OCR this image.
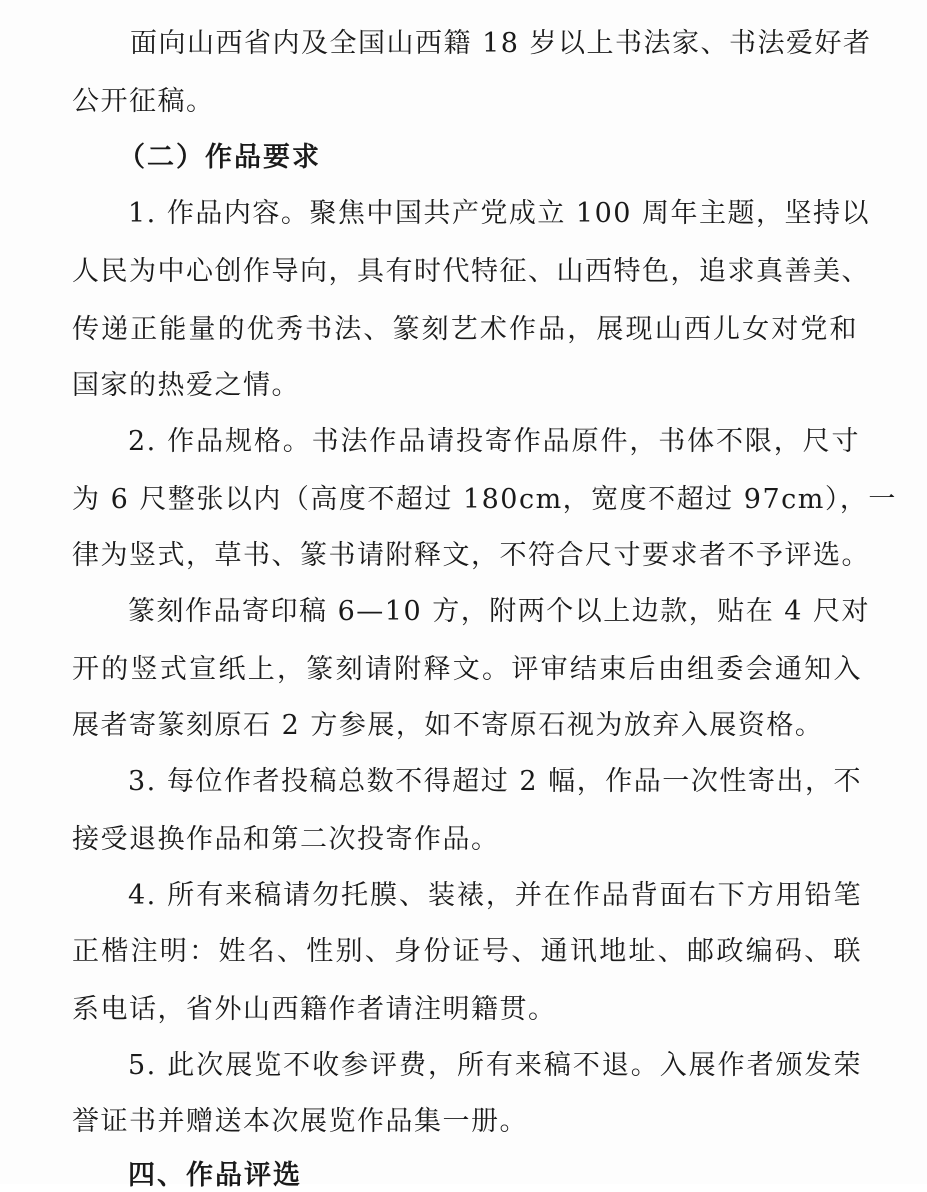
面向山西省内及全国山西籍 18 岁以上书法家、书法爱好者
公开征稿。
（二）作品要求
1. 作品内容。聚焦中国共产党成立 100 周年主题，坚持以
人民为中心创作导向，具有时代特征、山西特色，追求真善美、
传递正能量的优秀书法、篆刻艺术作品，展现山西儿女对党和
国家的热爱之情。
2. 作品规格。书法作品请投寄作品原件，书体不限，尺寸
为 6 尺整张以内（高度不超过 180cm，宽度不超过 97cm），一
律为竖式，草书、篆书请附释文，不符合尺寸要求者不予评选。
篆刻作品寄印稿 6—10 方，附两个以上边款，贴在 4 尺对
开的竖式宣纸上，篆刻请附释文。评审结束后由组委会通知入
展者寄篆刻原石 2 方参展，如不寄原石视为放弃入展资格。
3. 每位作者投稿总数不得超过 2 幅，作品一次性寄出，不
接受退换作品和第二次投寄作品。
4. 所有来稿请勿托膜、装裱，并在作品背面右下方用铅笔
正楷注明：姓名、性别、身份证号、通讯地址、邮政编码、联
系电话，省外山西籍作者请注明籍贯。
5. 此次展览不收参评费，所有来稿不退。入展作者颁发荣
誉证书并赠送本次展览作品集一册。
四、作品评选
